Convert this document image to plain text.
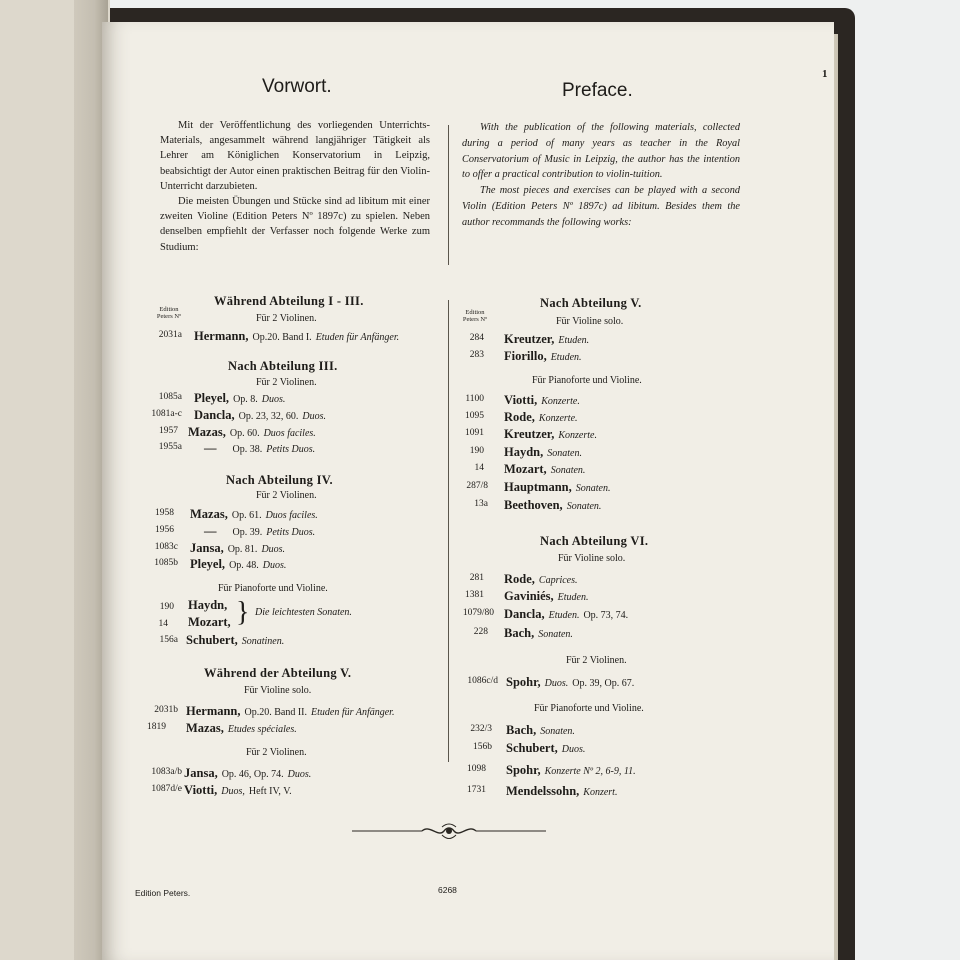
1
Vorwort.	Preface.

Mit der Veröffentlichung des vorliegenden Unterrichts-Materials, angesammelt während langjähriger Tätigkeit als Lehrer am Königlichen Konservatorium in Leipzig, beabsichtigt der Autor einen praktischen Beitrag für den Violin-Unterricht darzubieten.

Die meisten Übungen und Stücke sind ad libitum mit einer zweiten Violine (Edition Peters Nº 1897c) zu spielen. Neben denselben empfiehlt der Verfasser noch folgende Werke zum Studium:

With the publication of the following materials, collected during a period of many years as teacher in the Royal Conservatorium of Music in Leipzig, the author has the intention to offer a practical contribution to violin-tuition.

The most pieces and exercises can be played with a second Violin (Edition Peters Nº 1897c) ad libitum. Besides them the author recommands the following works:

Während Abteilung I - III.
Edition Peters Nº	Für 2 Violinen.
2031a Hermann, Op.20. Band I. Etuden für Anfänger.
Nach Abteilung III.
Für 2 Violinen.
1085a Pleyel, Op. 8. Duos.
1081a-c Dancla, Op. 23, 32, 60. Duos.
1957 Mazas, Op. 60. Duos faciles.
1955a — Op. 38. Petits Duos.
Nach Abteilung IV.
Für 2 Violinen.
1958 Mazas, Op. 61. Duos faciles.
1956 — Op. 39. Petits Duos.
1083c Jansa, Op. 81. Duos.
1085b Pleyel, Op. 48. Duos.
Für Pianoforte und Violine.
190 Haydn,
14 Mozart, } Die leichtesten Sonaten.
156a Schubert, Sonatinen.
Während der Abteilung V.
Für Violine solo.
2031b Hermann, Op.20. Band II. Etuden für Anfänger.
1819 Mazas, Etudes spéciales.
Für 2 Violinen.
1083a/b Jansa, Op. 46, Op. 74. Duos.
1087d/e Viotti, Duos, Heft IV, V.
Nach Abteilung V.
Edition Peters Nº	Für Violine solo.
284 Kreutzer, Etuden.
283 Fiorillo, Etuden.
Für Pianoforte und Violine.
1100 Viotti, Konzerte.
1095 Rode, Konzerte.
1091 Kreutzer, Konzerte.
190 Haydn, Sonaten.
14 Mozart, Sonaten.
287/8 Hauptmann, Sonaten.
13a Beethoven, Sonaten.
Nach Abteilung VI.
Für Violine solo.
281 Rode, Caprices.
1381 Gaviniés, Etuden.
1079/80 Dancla, Etuden. Op. 73, 74.
228 Bach, Sonaten.
Für 2 Violinen.
1086c/d Spohr, Duos. Op. 39, Op. 67.
Für Pianoforte und Violine.
232/3 Bach, Sonaten.
156b Schubert, Duos.
1098 Spohr, Konzerte Nº 2, 6-9, 11.
1731 Mendelssohn, Konzert.
Edition Peters.	6268
